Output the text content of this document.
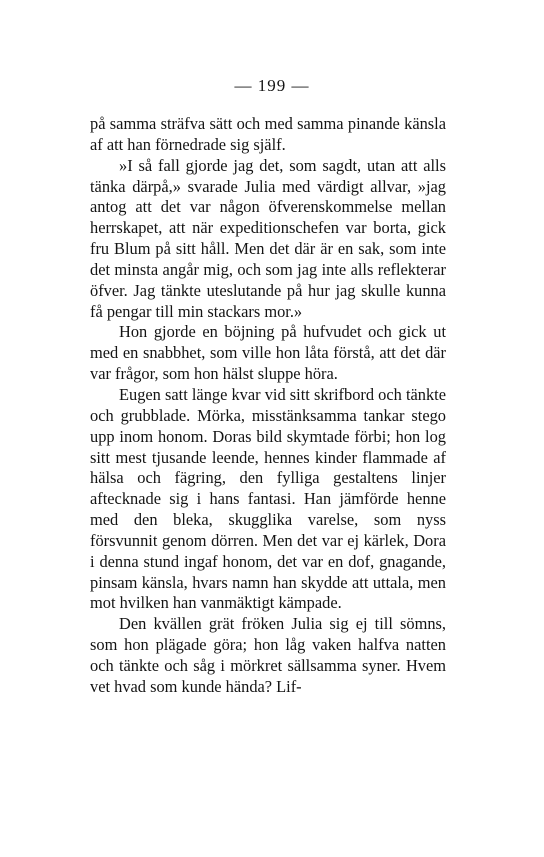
— 199 —

på samma sträfva sätt och med samma pinande känsla af att han förnedrade sig själf.

»I så fall gjorde jag det, som sagdt, utan att alls tänka därpå,» svarade Julia med värdigt allvar, »jag antog att det var någon öfverenskommelse mellan herrskapet, att när expeditionschefen var borta, gick fru Blum på sitt håll. Men det där är en sak, som inte det minsta angår mig, och som jag inte alls reflekterar öfver. Jag tänkte uteslutande på hur jag skulle kunna få pengar till min stackars mor.»

Hon gjorde en böjning på hufvudet och gick ut med en snabbhet, som ville hon låta förstå, att det där var frågor, som hon hälst sluppe höra.

Eugen satt länge kvar vid sitt skrifbord och tänkte och grubblade. Mörka, misstänksamma tankar stego upp inom honom. Doras bild skymtade förbi; hon log sitt mest tjusande leende, hennes kinder flammade af hälsa och fägring, den fylliga gestaltens linjer aftecknade sig i hans fantasi. Han jämförde henne med den bleka, skugglika varelse, som nyss försvunnit genom dörren. Men det var ej kärlek, Dora i denna stund ingaf honom, det var en dof, gnagande, pinsam känsla, hvars namn han skydde att uttala, men mot hvilken han vanmäktigt kämpade.

Den kvällen grät fröken Julia sig ej till sömns, som hon plägade göra; hon låg vaken halfva natten och tänkte och såg i mörkret sällsamma syner. Hvem vet hvad som kunde hända? Lif-
